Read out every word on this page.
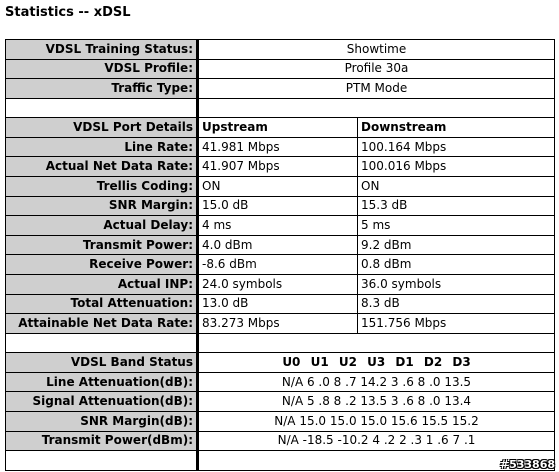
Statistics -- xDSL
VDSL Training Status:	Showtime	
VDSL Profile:	Profile 30a	
Traffic Type:	PTM Mode	

VDSL Port Details	Upstream	Downstream
Line Rate:	41.981 Mbps	100.164 Mbps
Actual Net Data Rate:	41.907 Mbps	100.016 Mbps
Trellis Coding:	ON	ON
SNR Margin:	15.0 dB	15.3 dB
Actual Delay:	4 ms	5 ms
Transmit Power:	4.0 dBm	9.2 dBm
Receive Power:	-8.6 dBm	0.8 dBm
Actual INP:	24.0 symbols	36.0 symbols
Total Attenuation:	13.0 dB	8.3 dB
Attainable Net Data Rate:	83.273 Mbps	151.756 Mbps

VDSL Band Status	U0 U1 U2 U3 D1 D2 D3	
Line Attenuation(dB):	N/A 6 .0 8 .7 14.2 3 .6 8 .0 13.5	
Signal Attenuation(dB):	N/A 5 .8 8 .2 13.5 3 .6 8 .0 13.4	
SNR Margin(dB):	N/A 15.0 15.0 15.0 15.6 15.5 15.2	
Transmit Power(dBm):	N/A -18.5 -10.2 4 .2 2 .3 1 .6 7 .1	

#533868
